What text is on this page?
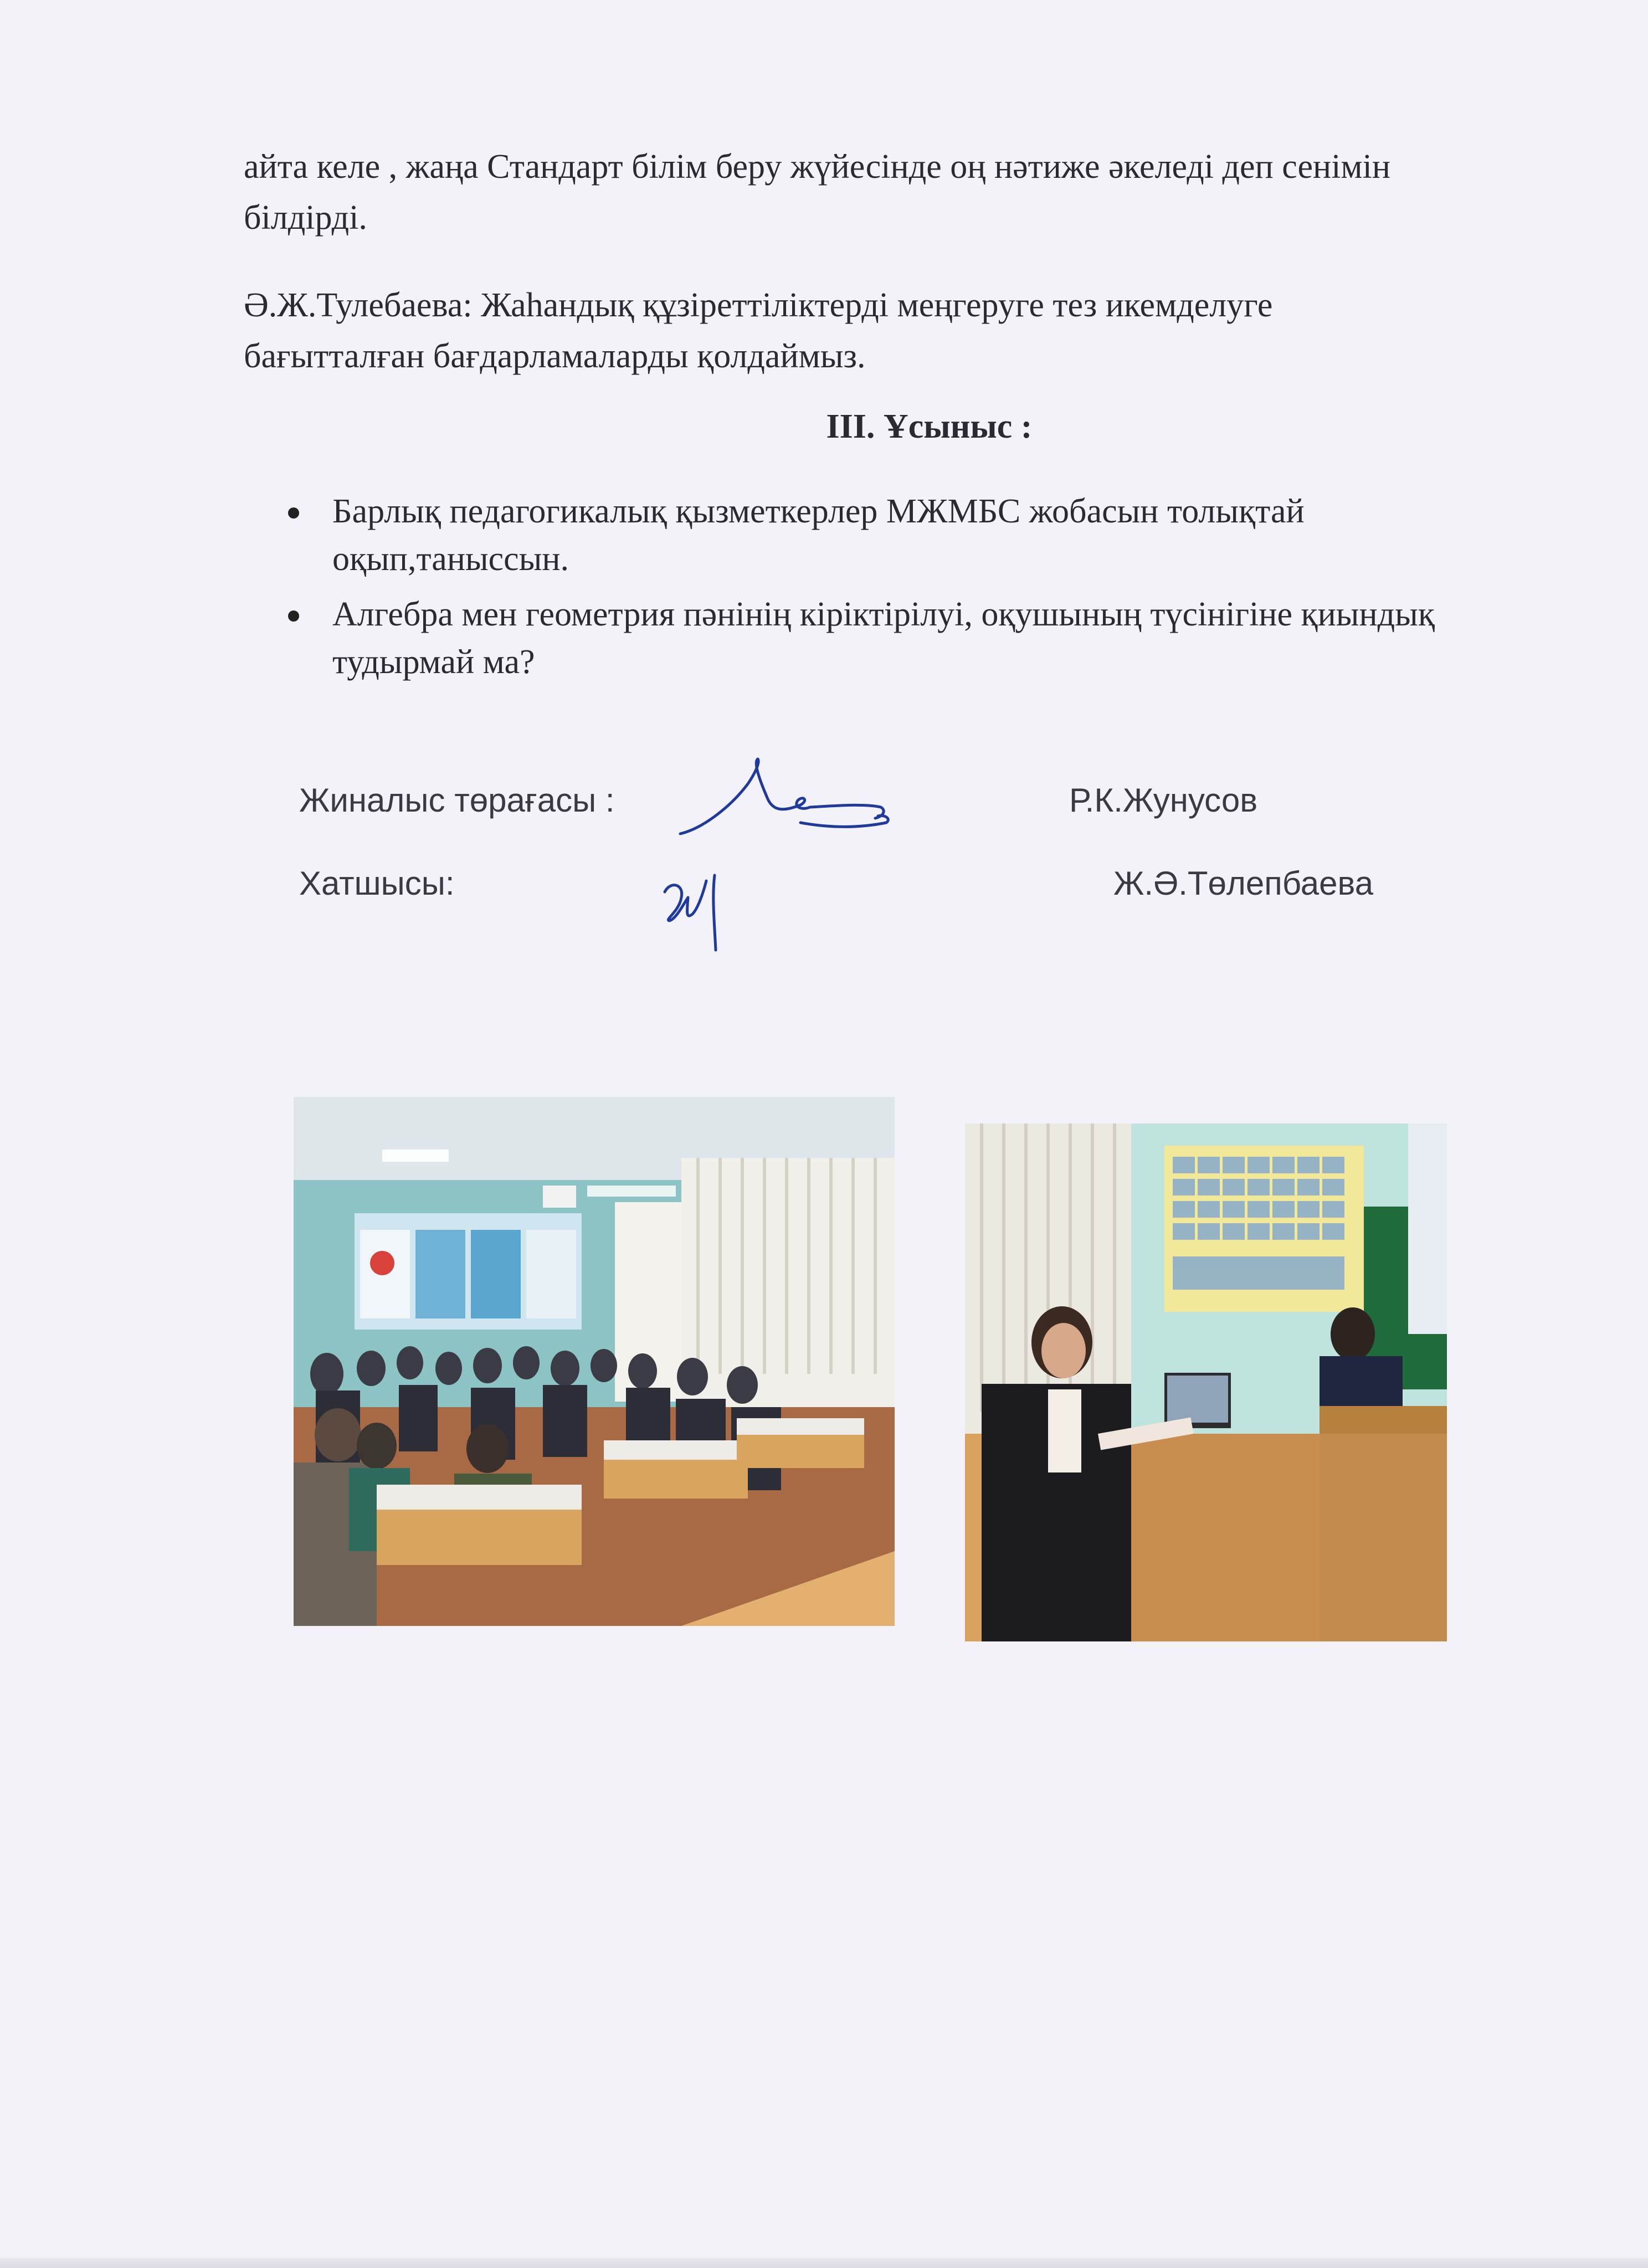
айта келе , жаңа Стандарт білім беру жүйесінде оң нәтиже әкеледі деп сенімін білдірді.

Ә.Ж.Тулебаева: Жаһандық құзіреттіліктерді меңгеруге тез икемделуге бағытталған бағдарламаларды қолдаймыз.

III. Ұсыныс :
Барлық педагогикалық қызметкерлер МЖМБС жобасын толықтай оқып,таныссын.
Алгебра мен геометрия пәнінің кіріктірілуі, оқушының түсінігіне қиындық тудырмай ма?
Жиналыс төрағасы :	Р.К.Жунусов
Хатшысы:	Ж.Ә.Төлепбаева
